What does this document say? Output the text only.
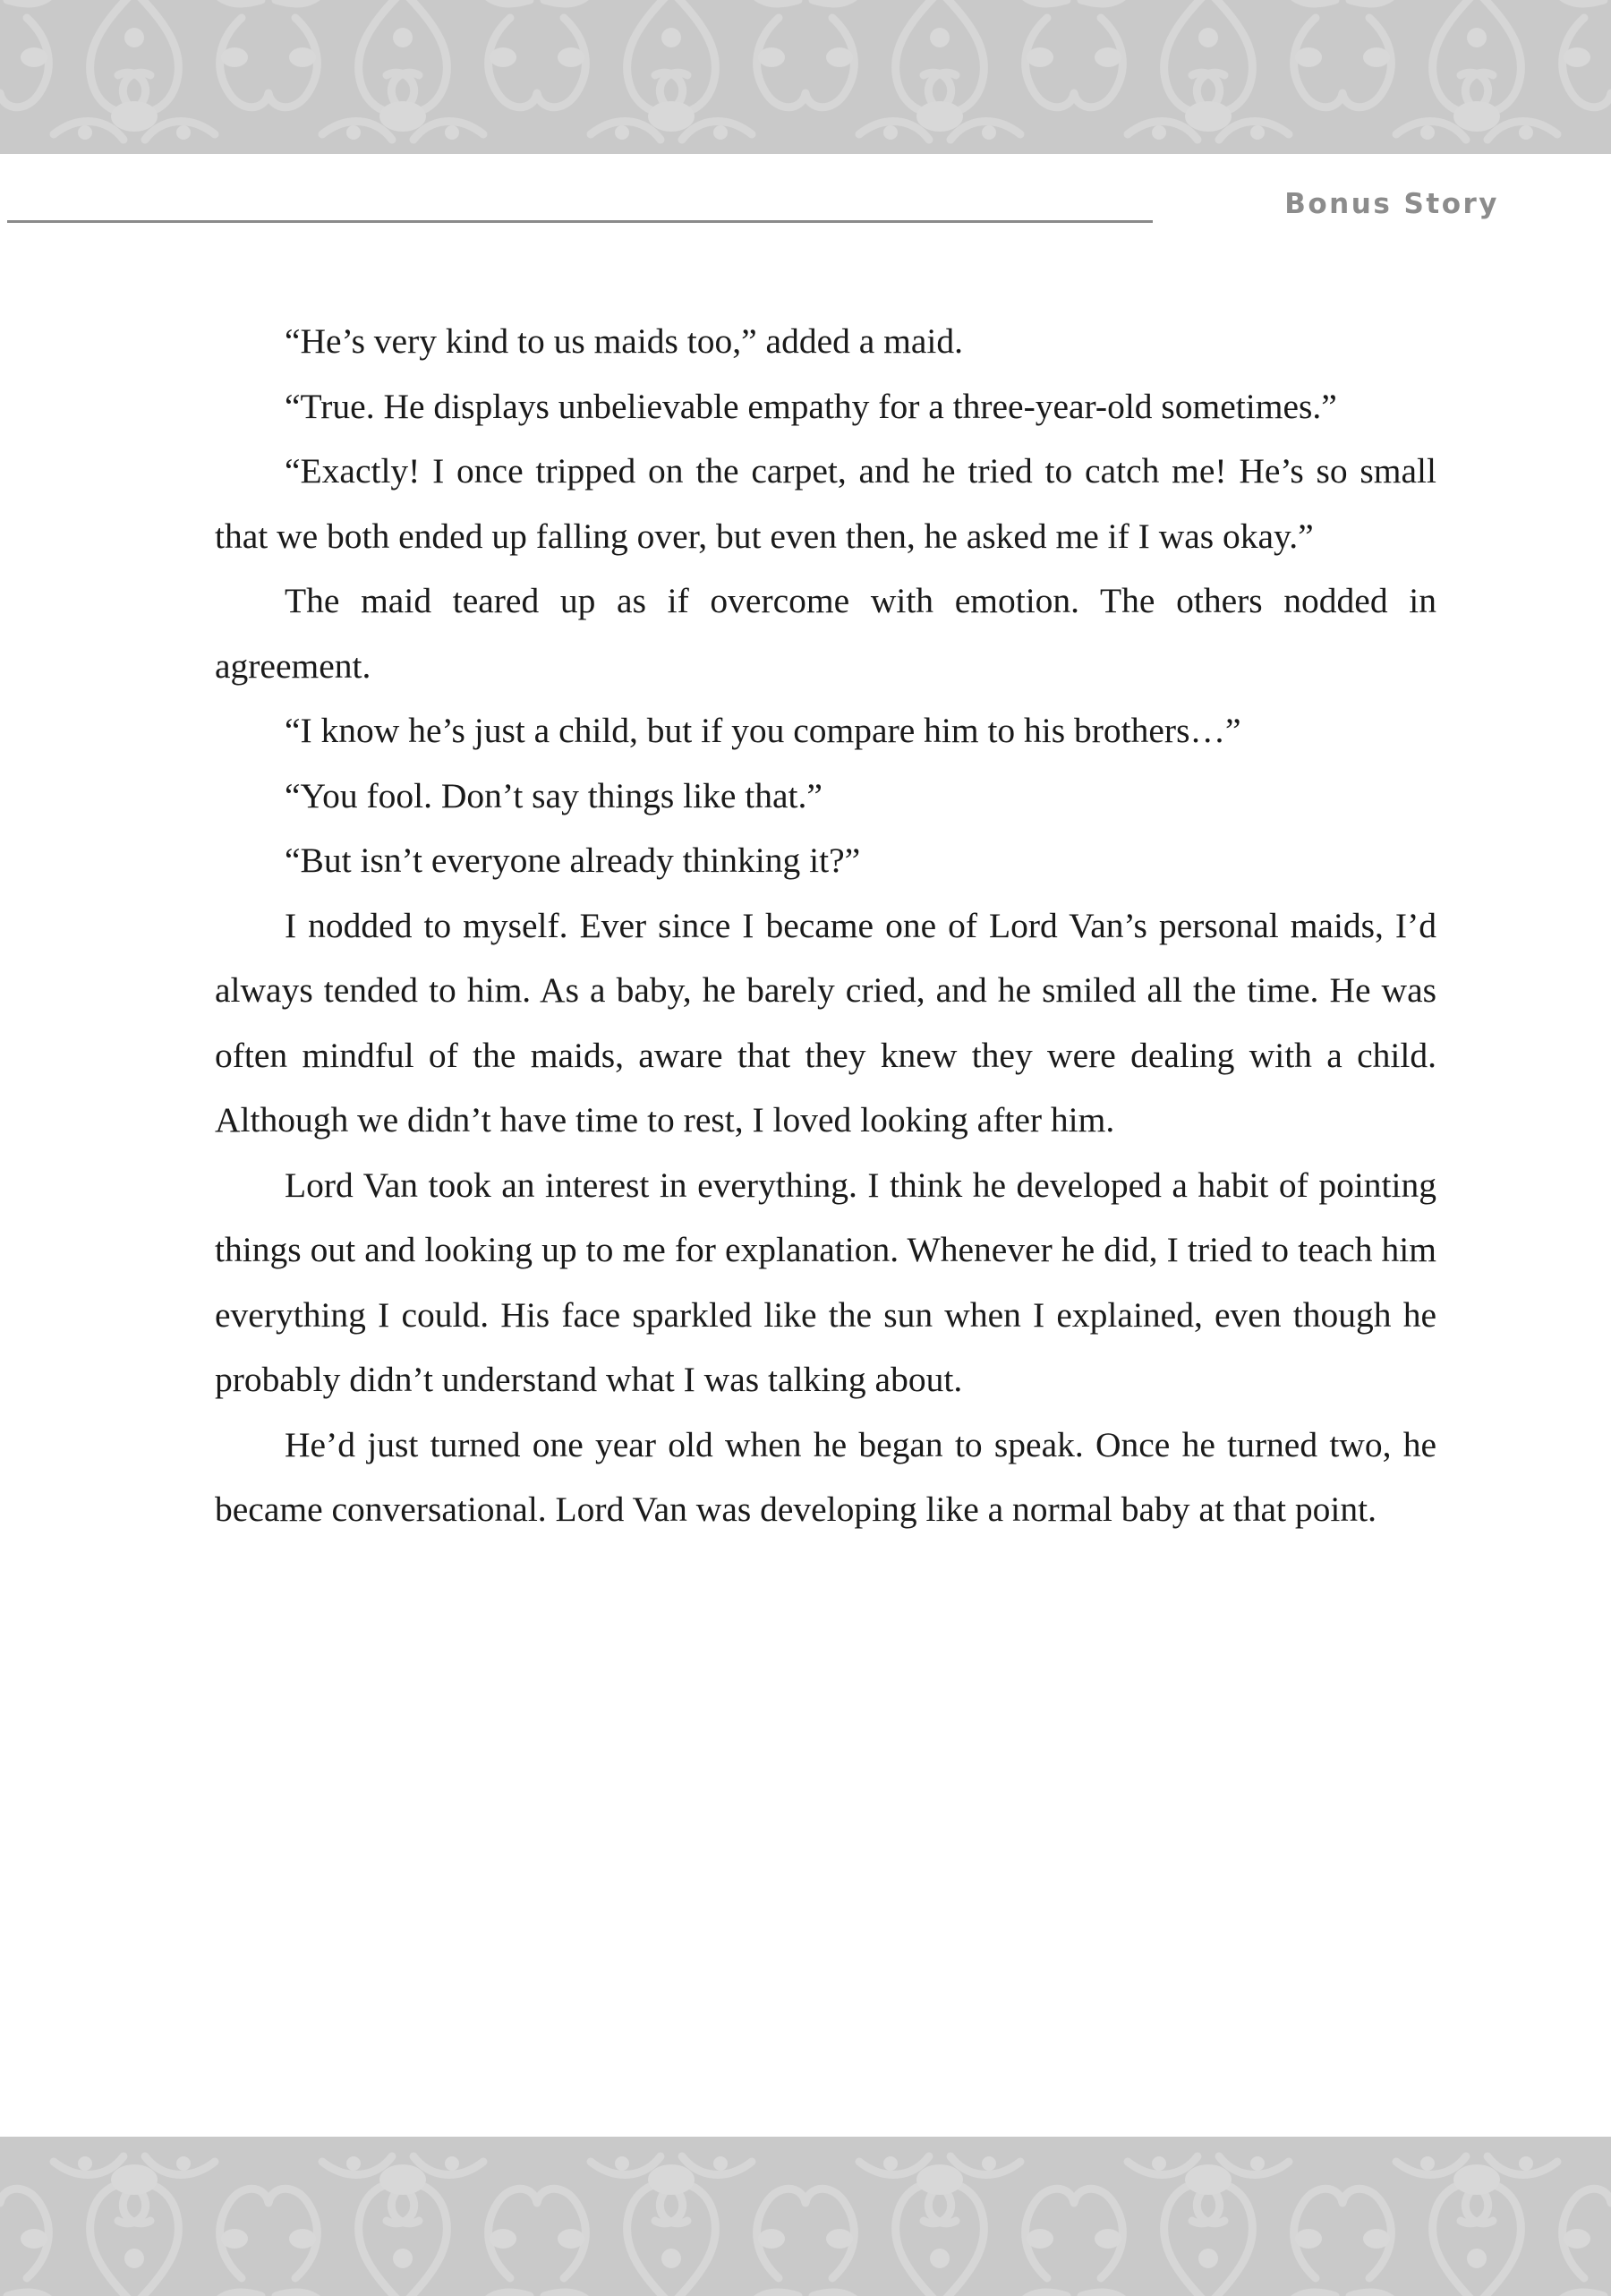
Bonus Story

“He’s very kind to us maids too,” added a maid.

“True. He displays unbelievable empathy for a three-year-old sometimes.”

“Exactly! I once tripped on the carpet, and he tried to catch me! He’s so small that we both ended up falling over, but even then, he asked me if I was okay.”

The maid teared up as if overcome with emotion. The others nodded in agreement.

“I know he’s just a child, but if you compare him to his brothers…”

“You fool. Don’t say things like that.”

“But isn’t everyone already thinking it?”

I nodded to myself. Ever since I became one of Lord Van’s personal maids, I’d always tended to him. As a baby, he barely cried, and he smiled all the time. He was often mindful of the maids, aware that they knew they were dealing with a child. Although we didn’t have time to rest, I loved looking after him.

Lord Van took an interest in everything. I think he developed a habit of pointing things out and looking up to me for explanation. Whenever he did, I tried to teach him everything I could. His face sparkled like the sun when I explained, even though he probably didn’t understand what I was talking about.

He’d just turned one year old when he began to speak. Once he turned two, he became conversational. Lord Van was developing like a normal baby at that point.
